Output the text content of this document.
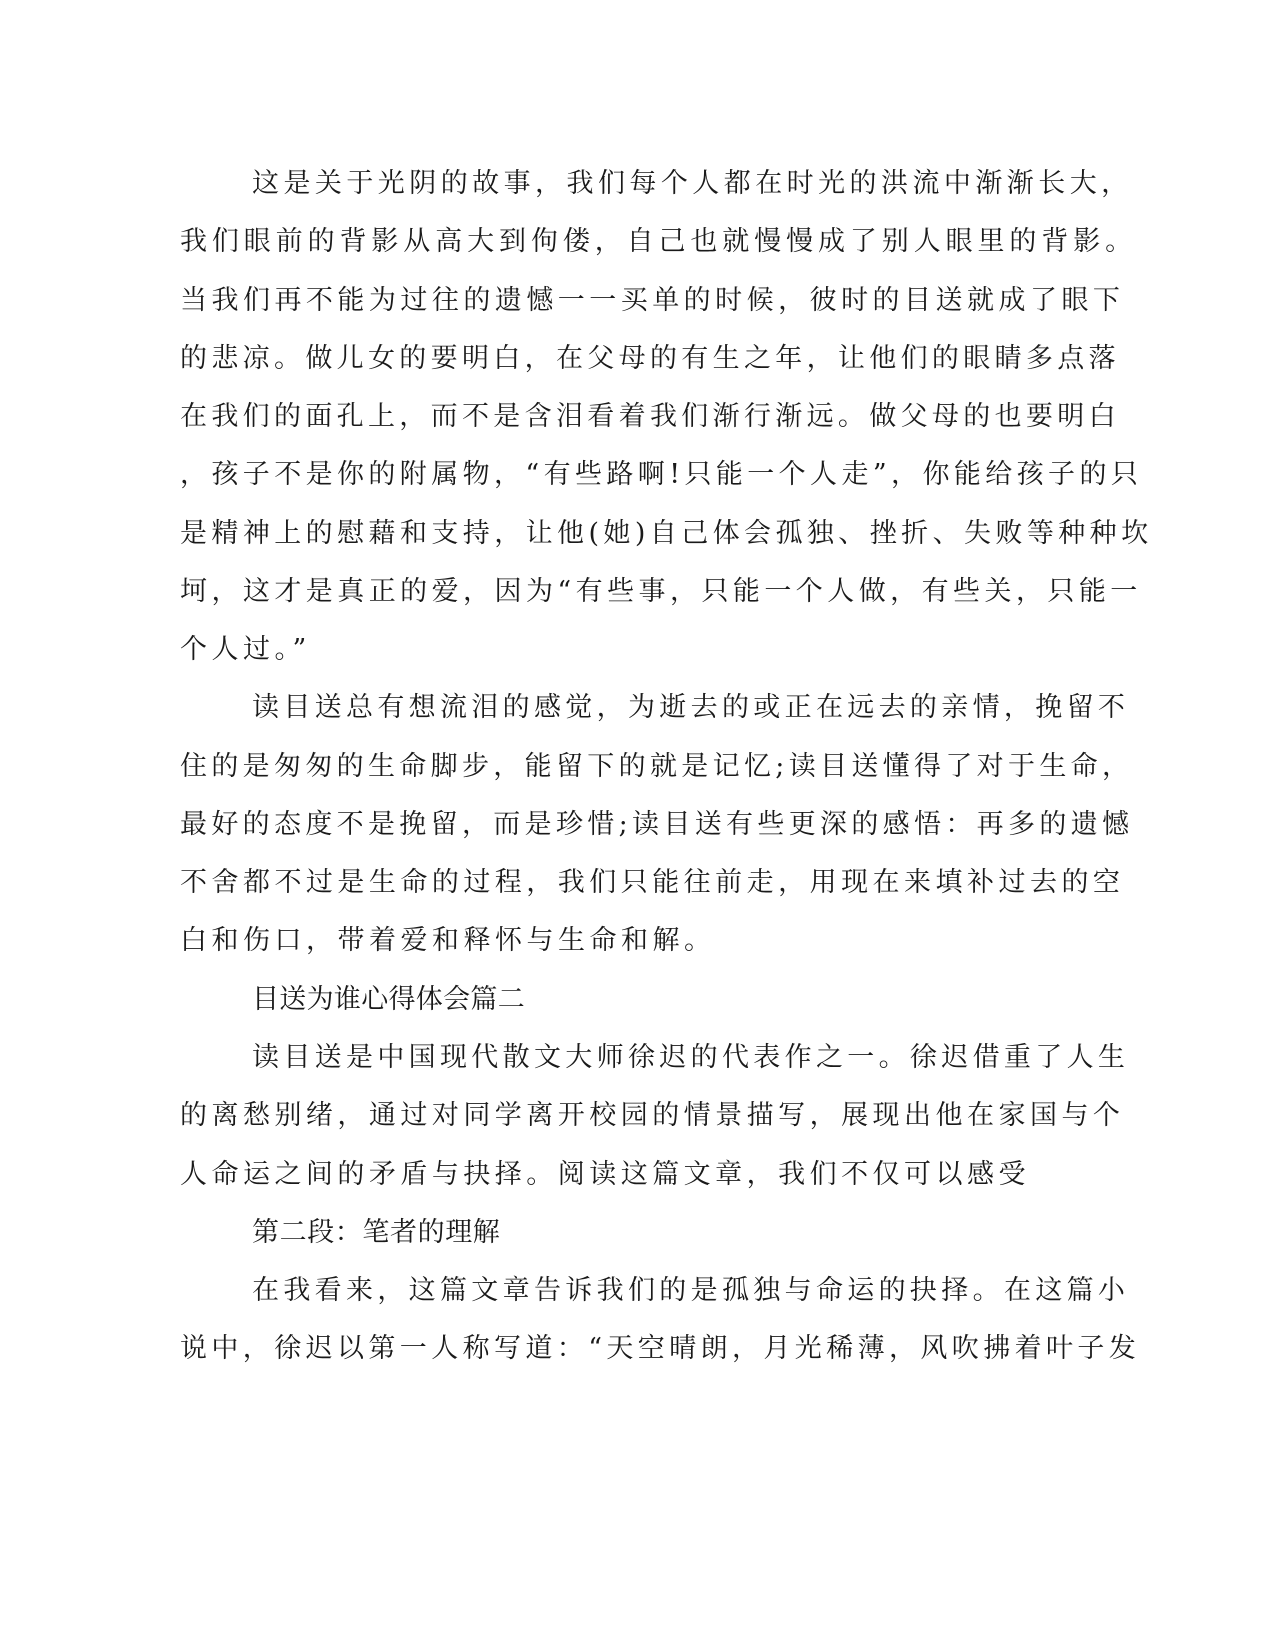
这是关于光阴的故事，我们每个人都在时光的洪流中渐渐长大，
我们眼前的背影从高大到佝偻，自己也就慢慢成了别人眼里的背影。
当我们再不能为过往的遗憾一一买单的时候，彼时的目送就成了眼下
的悲凉。做儿女的要明白，在父母的有生之年，让他们的眼睛多点落
在我们的面孔上，而不是含泪看着我们渐行渐远。做父母的也要明白
，孩子不是你的附属物，“有些路啊!只能一个人走”，你能给孩子的只
是精神上的慰藉和支持，让他(她)自己体会孤独、挫折、失败等种种坎
坷，这才是真正的爱，因为“有些事，只能一个人做，有些关，只能一
个人过。”
读目送总有想流泪的感觉，为逝去的或正在远去的亲情，挽留不
住的是匆匆的生命脚步，能留下的就是记忆;读目送懂得了对于生命，
最好的态度不是挽留，而是珍惜;读目送有些更深的感悟：再多的遗憾
不舍都不过是生命的过程，我们只能往前走，用现在来填补过去的空
白和伤口，带着爱和释怀与生命和解。
目送为谁心得体会篇二
读目送是中国现代散文大师徐迟的代表作之一。徐迟借重了人生
的离愁别绪，通过对同学离开校园的情景描写，展现出他在家国与个
人命运之间的矛盾与抉择。阅读这篇文章，我们不仅可以感受
第二段：笔者的理解
在我看来，这篇文章告诉我们的是孤独与命运的抉择。在这篇小
说中，徐迟以第一人称写道：“天空晴朗，月光稀薄，风吹拂着叶子发
